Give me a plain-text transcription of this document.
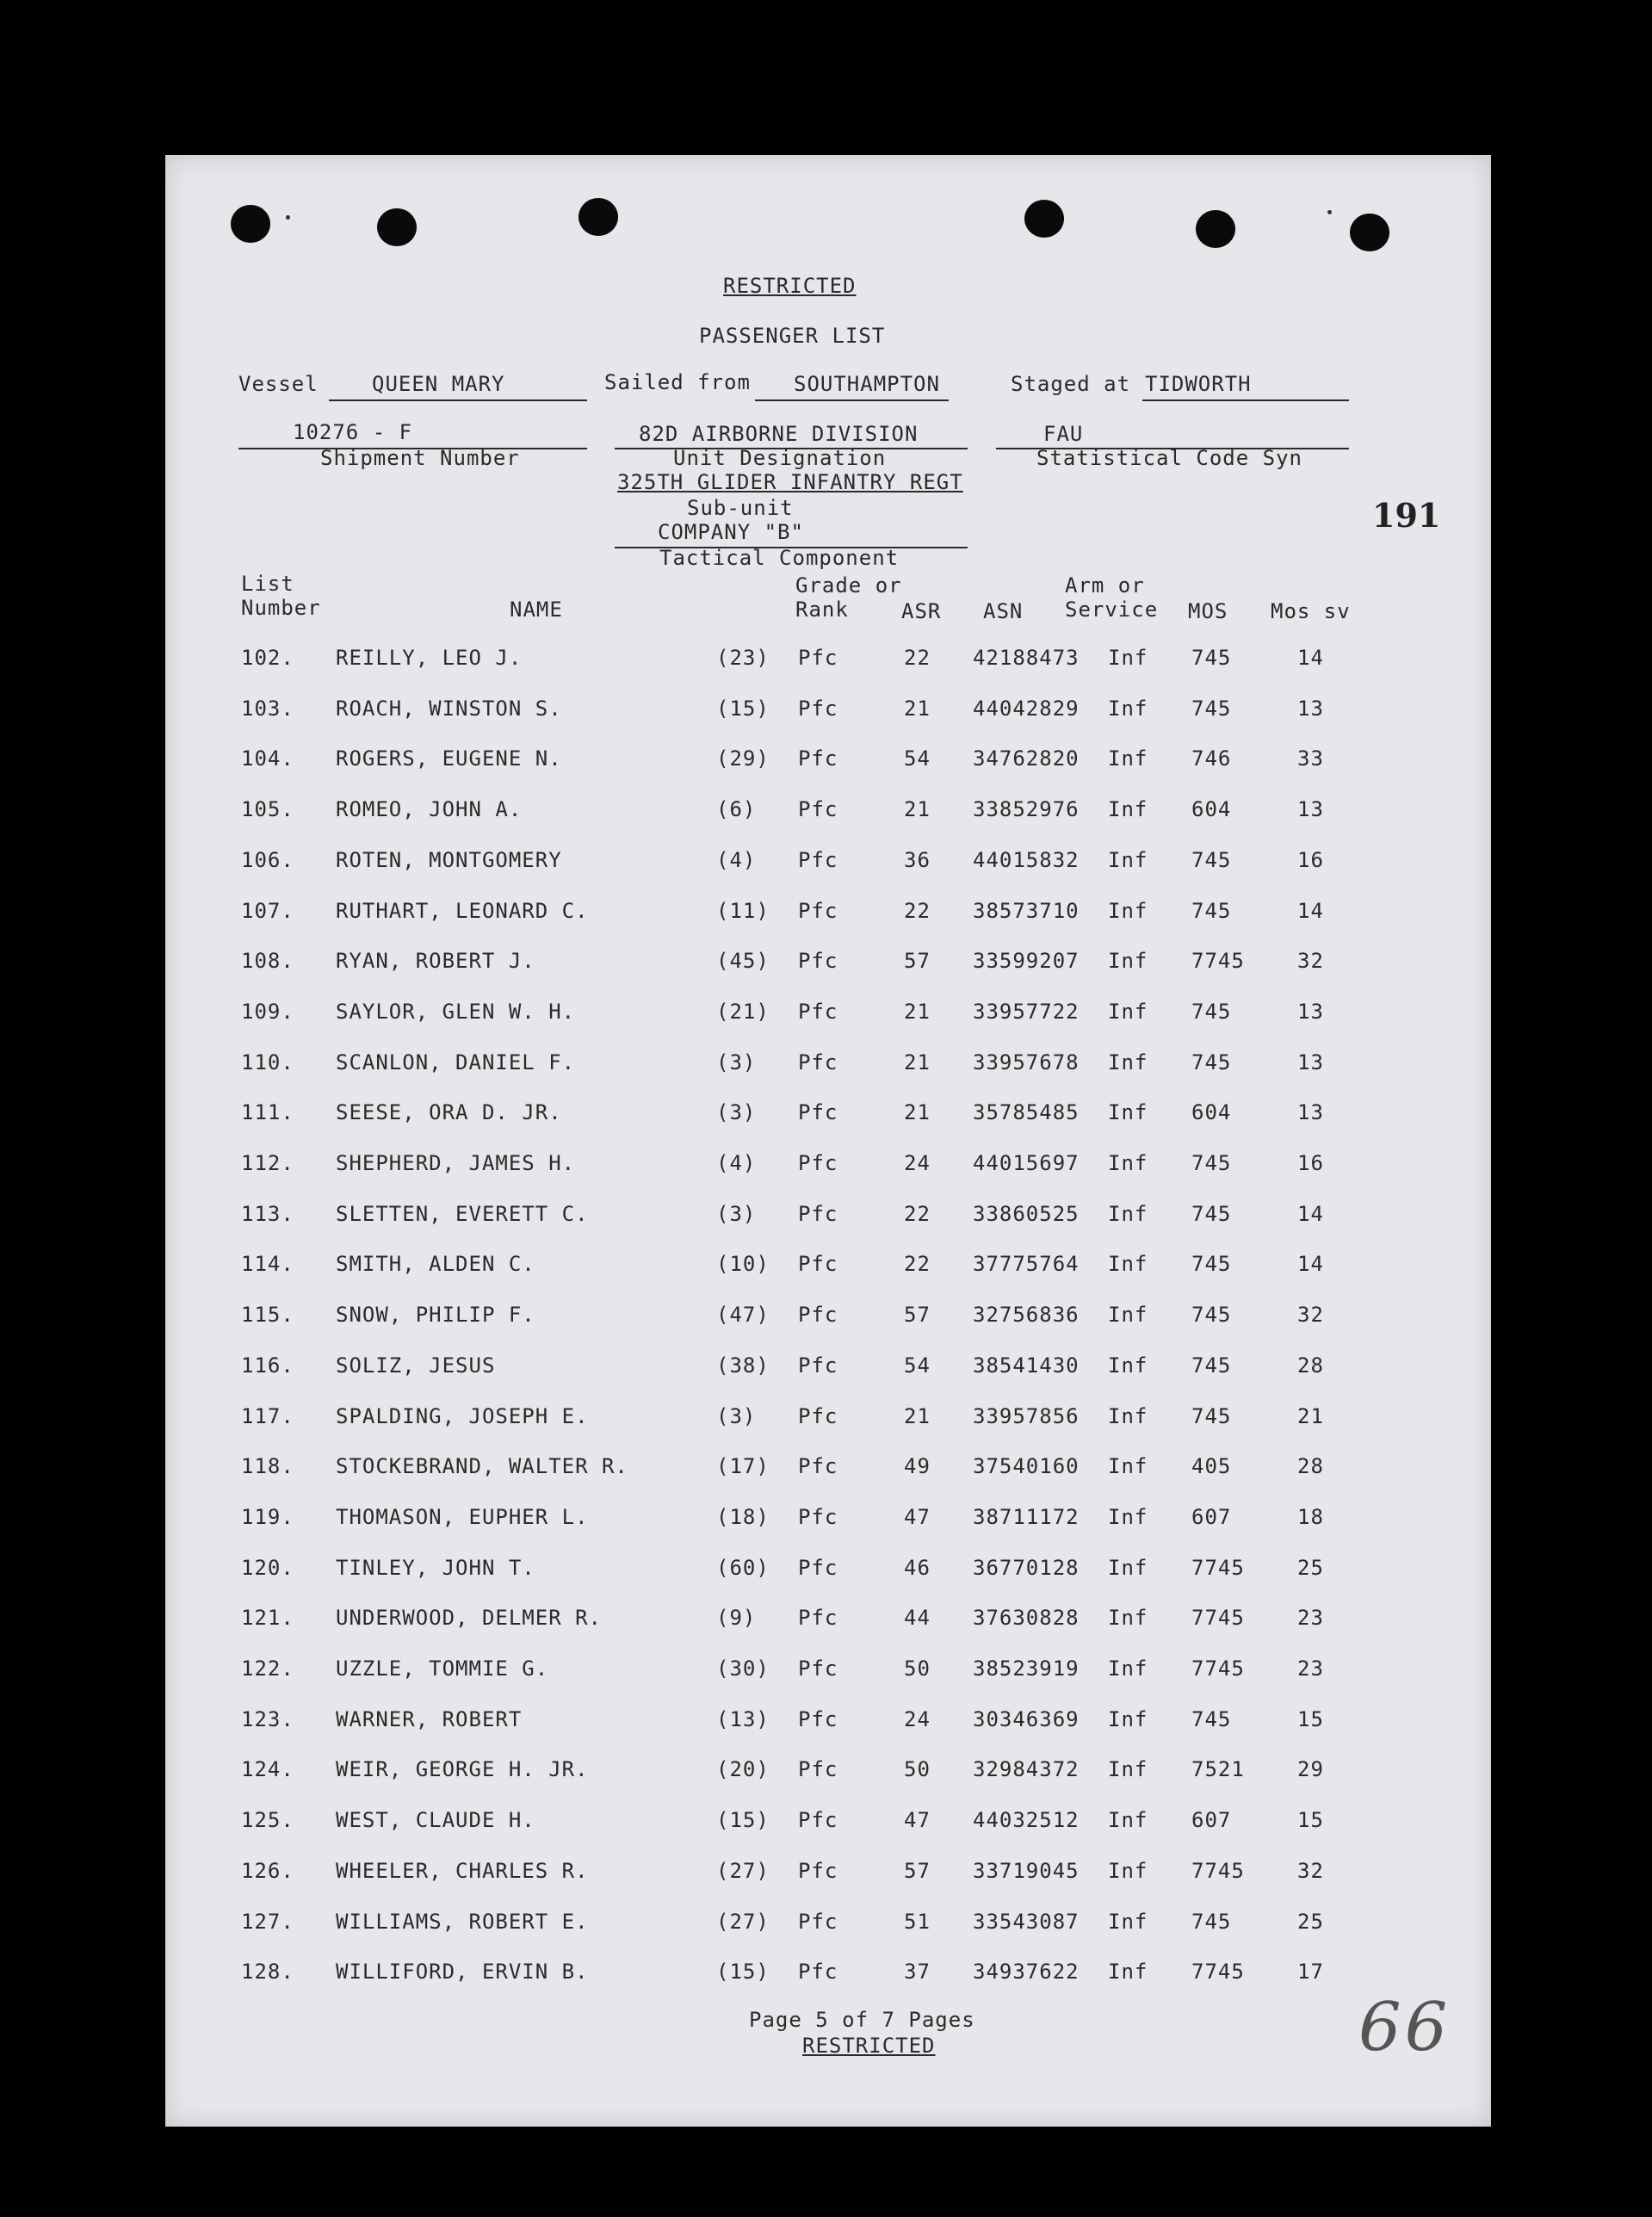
RESTRICTED
PASSENGER LIST
Vessel	QUEEN MARY	Sailed from SOUTHAMPTON	Staged at TIDWORTH
10276 - F
Shipment Number
82D AIRBORNE DIVISION
Unit Designation
325TH GLIDER INFANTRY REGT
Sub-unit
COMPANY "B"
Tactical Component
FAU
Statistical Code Syn
191
List
Number	NAME
Grade or
Rank	ASR ASN
Arm or
Service MOS Mos sv
102. REILLY, LEO J.	(23) Pfc	22 42188473 Inf 745	14
103. ROACH, WINSTON S.	(15) Pfc	21 44042829 Inf 745	13
104. ROGERS, EUGENE N.	(29) Pfc	54 34762820 Inf 746	33
105. ROMEO, JOHN A.	(6) Pfc	21 33852976 Inf 604	13
106. ROTEN, MONTGOMERY	(4) Pfc	36 44015832 Inf 745	16
107. RUTHART, LEONARD C.	(11) Pfc	22 38573710 Inf 745	14
108. RYAN, ROBERT J.	(45) Pfc	57 33599207 Inf 7745	32
109. SAYLOR, GLEN W. H.	(21) Pfc	21 33957722 Inf 745	13
110. SCANLON, DANIEL F.	(3) Pfc	21 33957678 Inf 745	13
111. SEESE, ORA D. JR.	(3) Pfc	21 35785485 Inf 604	13
112. SHEPHERD, JAMES H.	(4) Pfc	24 44015697 Inf 745	16
113. SLETTEN, EVERETT C.	(3) Pfc	22 33860525 Inf 745	14
114. SMITH, ALDEN C.	(10) Pfc	22 37775764 Inf 745	14
115. SNOW, PHILIP F.	(47) Pfc	57 32756836 Inf 745	32
116. SOLIZ, JESUS	(38) Pfc	54 38541430 Inf 745	28
117. SPALDING, JOSEPH E.	(3) Pfc	21 33957856 Inf 745	21
118. STOCKEBRAND, WALTER R.	(17) Pfc	49 37540160 Inf 405	28
119. THOMASON, EUPHER L.	(18) Pfc	47 38711172 Inf 607	18
120. TINLEY, JOHN T.	(60) Pfc	46 36770128 Inf 7745	25
121. UNDERWOOD, DELMER R.	(9) Pfc	44 37630828 Inf 7745	23
122. UZZLE, TOMMIE G.	(30) Pfc	50 38523919 Inf 7745	23
123. WARNER, ROBERT	(13) Pfc	24 30346369 Inf 745	15
124. WEIR, GEORGE H. JR.	(20) Pfc	50 32984372 Inf 7521	29
125. WEST, CLAUDE H.	(15) Pfc	47 44032512 Inf 607	15
126. WHEELER, CHARLES R.	(27) Pfc	57 33719045 Inf 7745	32
127. WILLIAMS, ROBERT E.	(27) Pfc	51 33543087 Inf 745	25
128. WILLIFORD, ERVIN B.	(15) Pfc	37 34937622 Inf 7745	17
Page 5 of 7 Pages
RESTRICTED	66
